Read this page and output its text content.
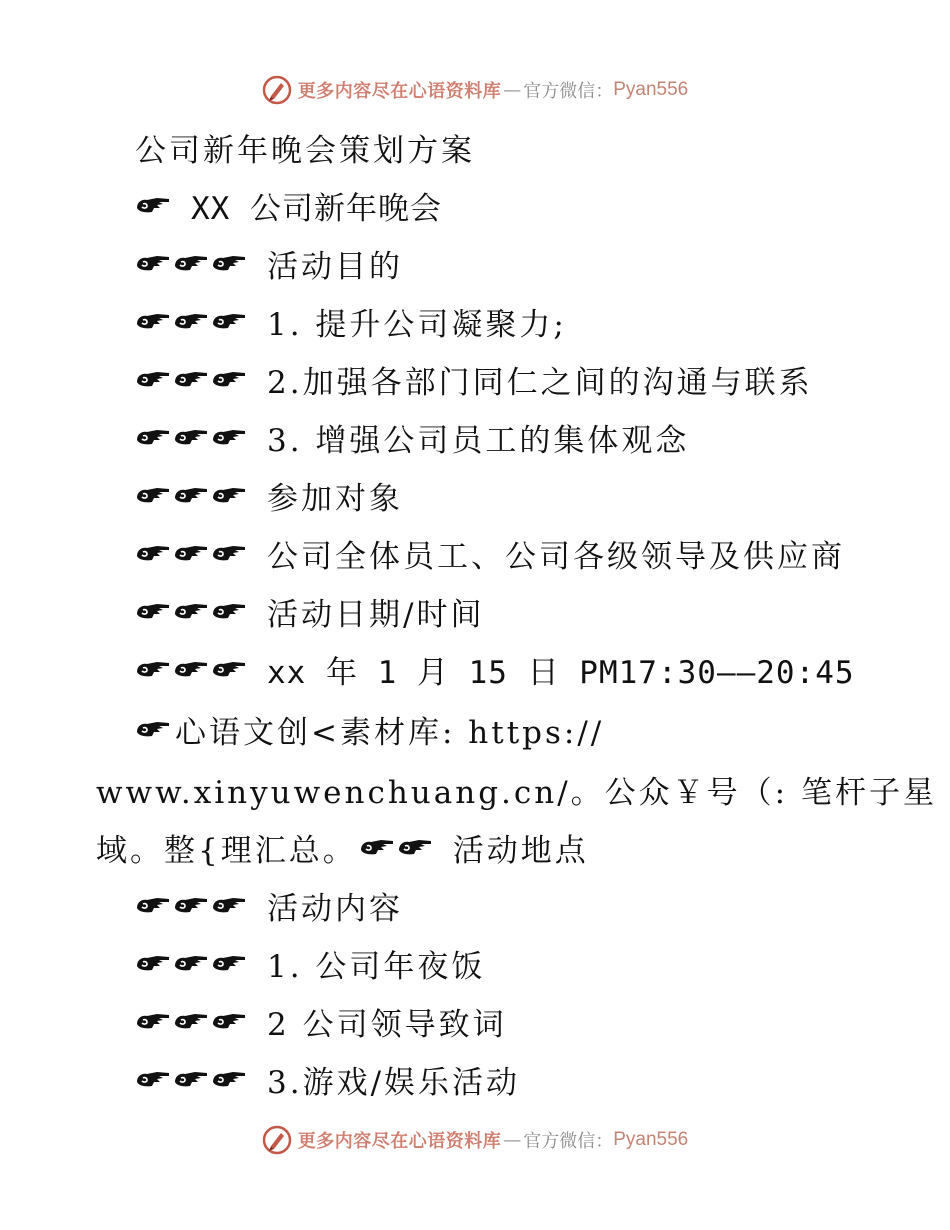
更多内容尽在心语资料库 — 官方微信： Pyan556
公司新年晚会策划方案
XX 公司新年晚会
活动目的
1. 提升公司凝聚力;
2.加强各部门同仁之间的沟通与联系
3. 增强公司员工的集体观念
参加对象
公司全体员工、公司各级领导及供应商
活动日期/时间
xx 年 1 月 15 日 PM17:30——20:45
心语文创<素材库: https://
www.xinyuwenchuang.cn/。公众￥号（: 笔杆子星
域。整{理汇总。	活动地点
活动内容
1. 公司年夜饭
2 公司领导致词
3.游戏/娱乐活动
更多内容尽在心语资料库 — 官方微信： Pyan556
